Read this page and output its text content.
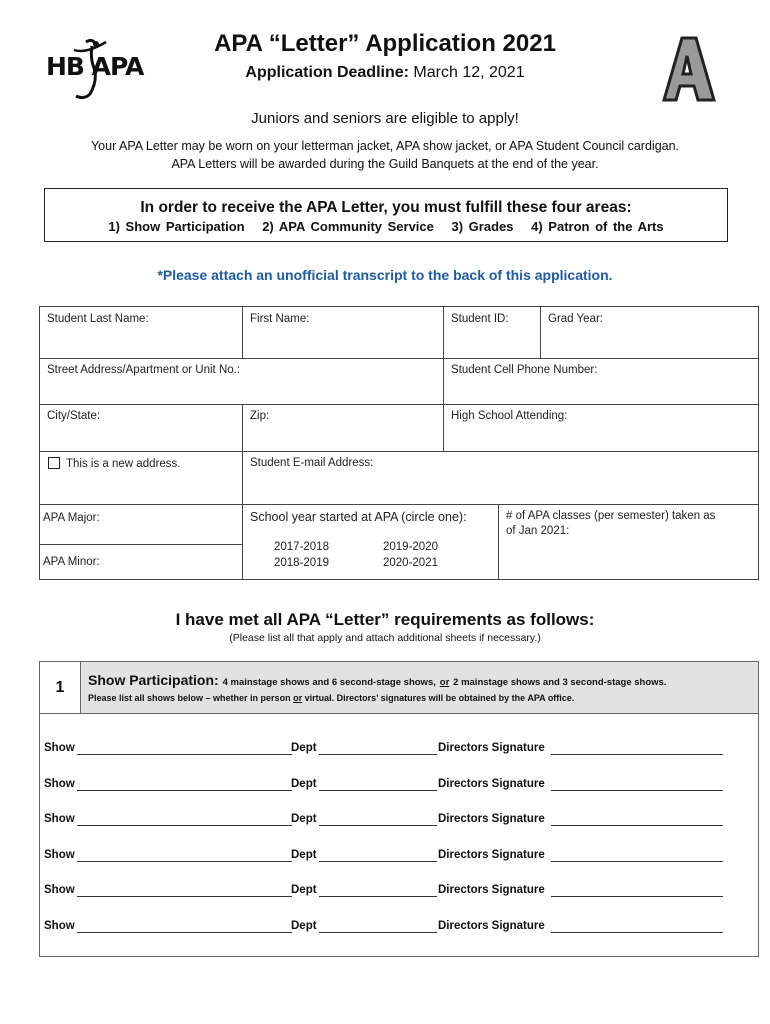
HB APA
APA “Letter” Application 2021
Application Deadline: March 12, 2021
Juniors and seniors are eligible to apply!
Your APA Letter may be worn on your letterman jacket, APA show jacket, or APA Student Council cardigan.
APA Letters will be awarded during the Guild Banquets at the end of the year.
In order to receive the APA Letter, you must fulfill these four areas:
1) Show Participation 2) APA Community Service 3) Grades 4) Patron of the Arts
*Please attach an unofficial transcript to the back of this application.
Student Last Name:	First Name:	Student ID:	Grad Year:
Street Address/Apartment or Unit No.:	Student Cell Phone Number:
City/State:	Zip:	High School Attending:
This is a new address.	Student E-mail Address:
APA Major:
APA Minor:
School year started at APA (circle one):
2017-2018	2019-2020
2018-2019	2020-2021
# of APA classes (per semester) taken as of Jan 2021:
I have met all APA “Letter” requirements as follows:
(Please list all that apply and attach additional sheets if necessary.)
1	Show Participation: 4 mainstage shows and 6 second-stage shows, or 2 mainstage shows and 3 second-stage shows.
Please list all shows below – whether in person or virtual. Directors’ signatures will be obtained by the APA office.
Show	Dept	Directors Signature
Show	Dept	Directors Signature
Show	Dept	Directors Signature
Show	Dept	Directors Signature
Show	Dept	Directors Signature
Show	Dept	Directors Signature
